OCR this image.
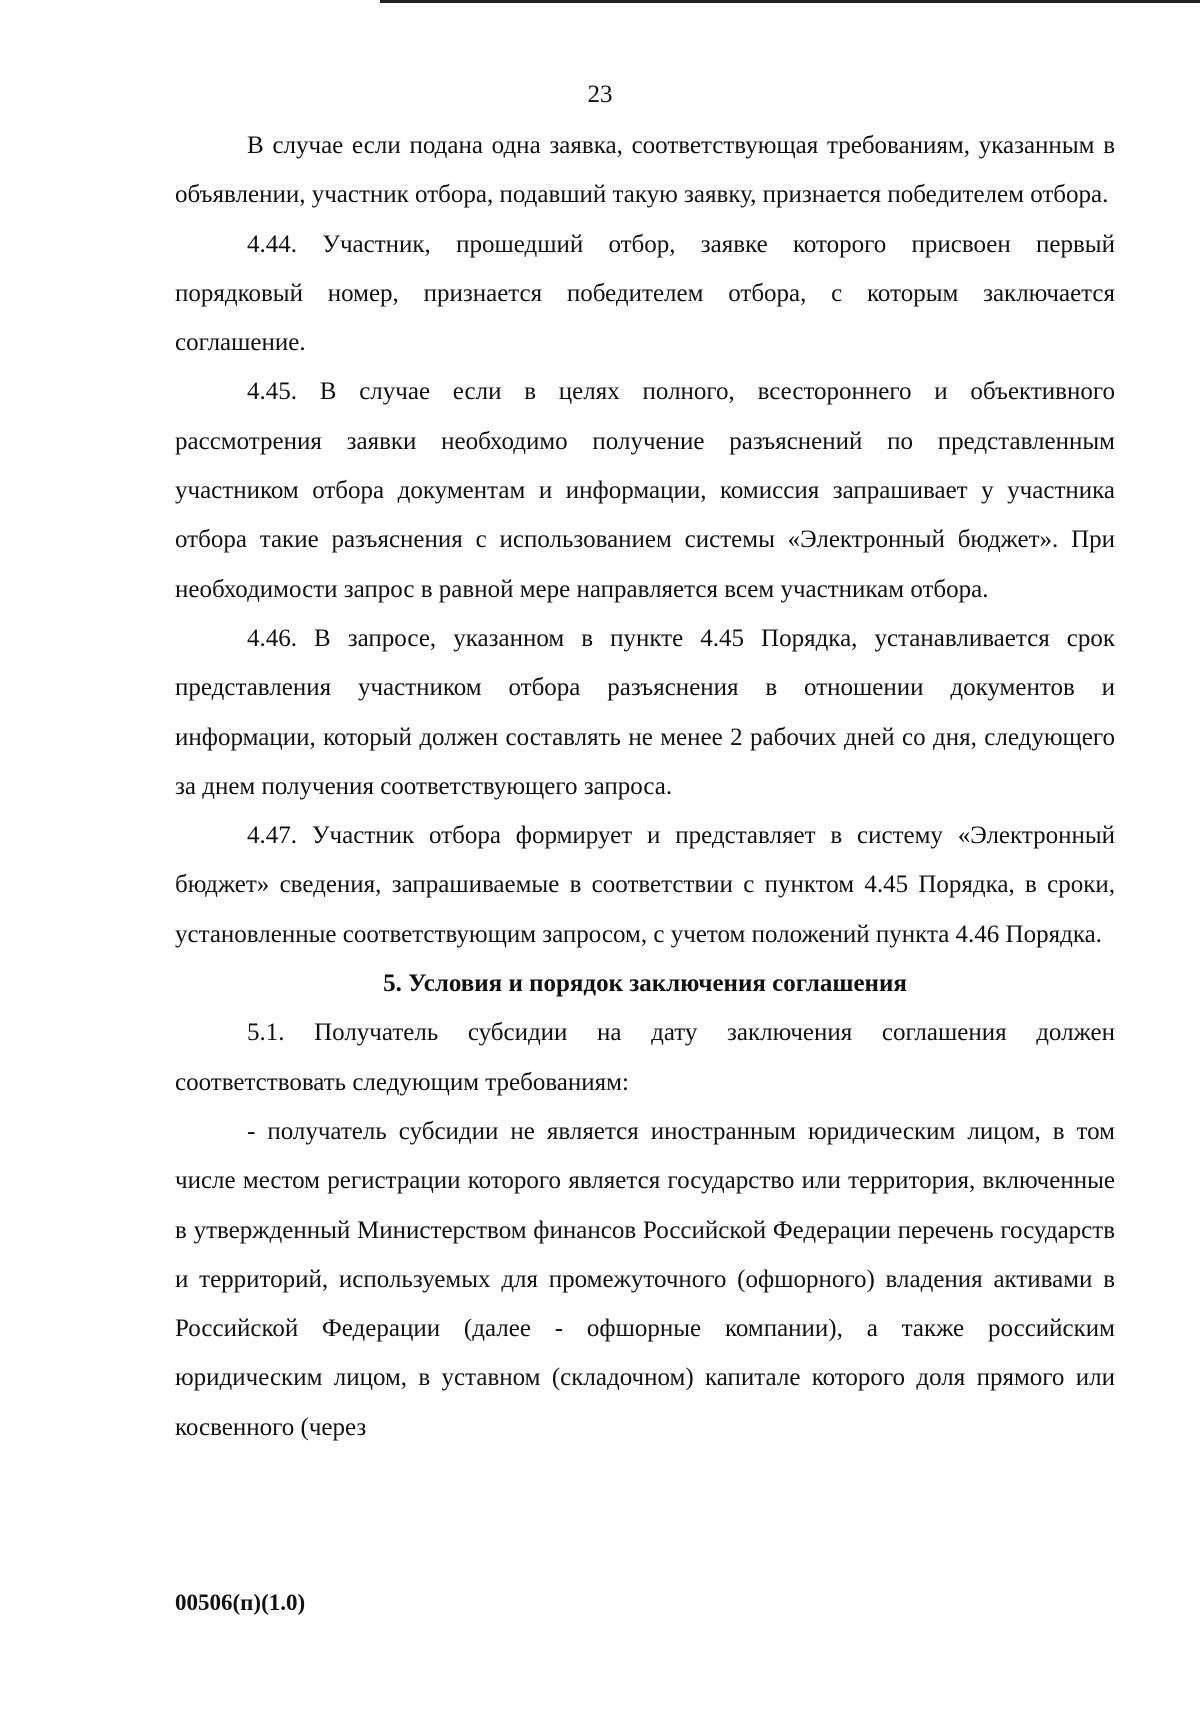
23

В случае если подана одна заявка, соответствующая требованиям, указанным в объявлении, участник отбора, подавший такую заявку, признается победителем отбора.

4.44. Участник, прошедший отбор, заявке которого присвоен первый порядковый номер, признается победителем отбора, с которым заключается соглашение.

4.45. В случае если в целях полного, всестороннего и объективного рассмотрения заявки необходимо получение разъяснений по представленным участником отбора документам и информации, комиссия запрашивает у участника отбора такие разъяснения с использованием системы «Электронный бюджет». При необходимости запрос в равной мере направляется всем участникам отбора.

4.46. В запросе, указанном в пункте 4.45 Порядка, устанавливается срок представления участником отбора разъяснения в отношении документов и информации, который должен составлять не менее 2 рабочих дней со дня, следующего за днем получения соответствующего запроса.

4.47. Участник отбора формирует и представляет в систему «Электронный бюджет» сведения, запрашиваемые в соответствии с пунктом 4.45 Порядка, в сроки, установленные соответствующим запросом, с учетом положений пункта 4.46 Порядка.

5. Условия и порядок заключения соглашения

5.1. Получатель субсидии на дату заключения соглашения должен соответствовать следующим требованиям:

- получатель субсидии не является иностранным юридическим лицом, в том числе местом регистрации которого является государство или территория, включенные в утвержденный Министерством финансов Российской Федерации перечень государств и территорий, используемых для промежуточного (офшорного) владения активами в Российской Федерации (далее - офшорные компании), а также российским юридическим лицом, в уставном (складочном) капитале которого доля прямого или косвенного (через

00506(п)(1.0)
